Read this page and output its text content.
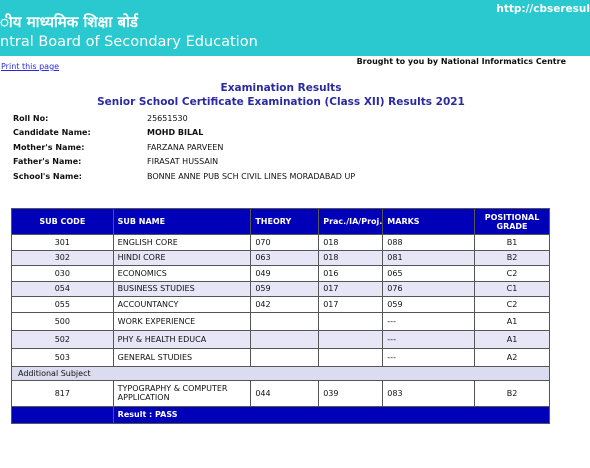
ीय माध्यमिक शिक्षा बोर्ड
ntral Board of Secondary Education
http://cbseresul
Print this page
Brought to you by National Informatics Centre
Examination Results
Senior School Certificate Examination (Class XII) Results 2021
Roll No:	25651530
Candidate Name:	MOHD BILAL
Mother's Name:	FARZANA PARVEEN
Father's Name:	FIRASAT HUSSAIN
School's Name:	BONNE ANNE PUB SCH CIVIL LINES MORADABAD UP
SUB CODE	SUB NAME	THEORY	Prac./IA/Proj.	MARKS	POSITIONAL GRADE
301	ENGLISH CORE	070	018	088	B1
302	HINDI CORE	063	018	081	B2
030	ECONOMICS	049	016	065	C2
054	BUSINESS STUDIES	059	017	076	C1
055	ACCOUNTANCY	042	017	059	C2
500	WORK EXPERIENCE			---	A1
502	PHY & HEALTH EDUCA			---	A1
503	GENERAL STUDIES			---	A2
Additional Subject					
817	TYPOGRAPHY & COMPUTER APPLICATION	044	039	083	B2
	Result : PASS				
